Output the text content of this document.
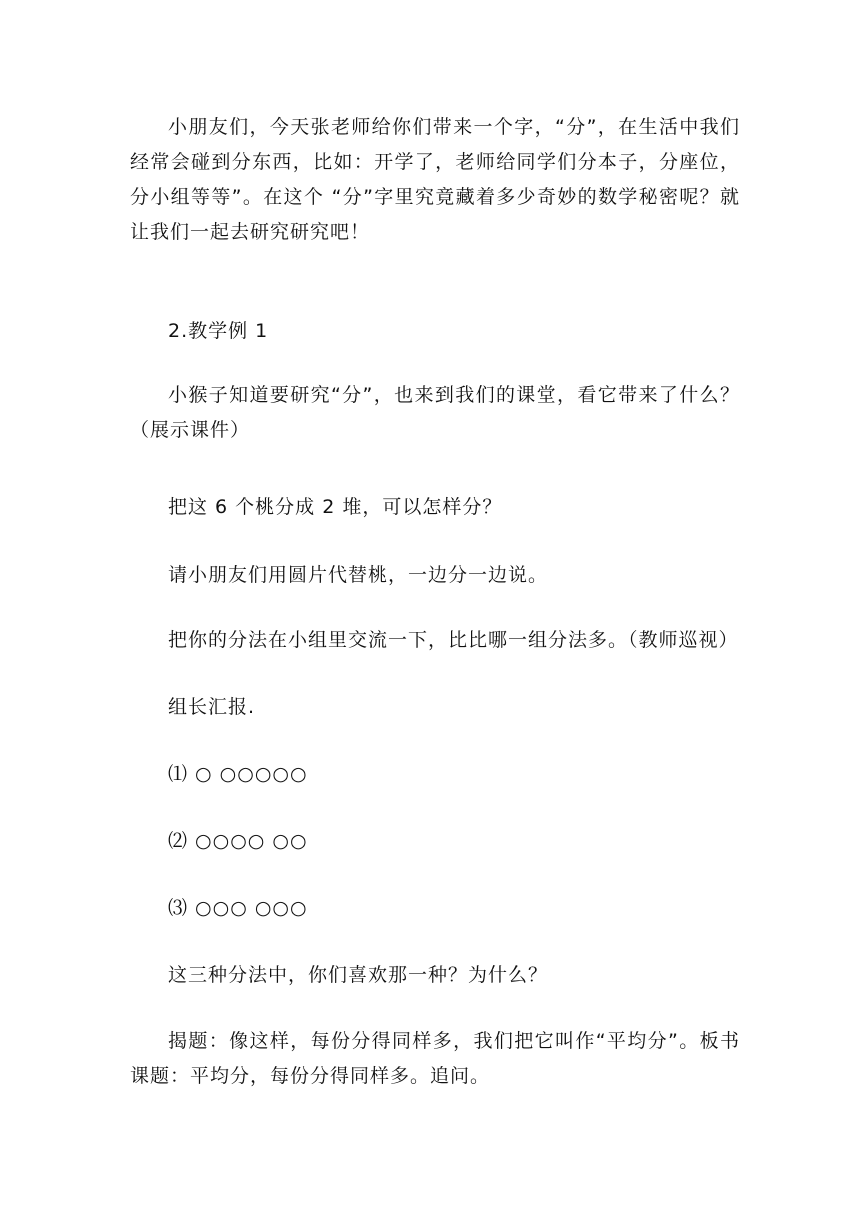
小朋友们，今天张老师给你们带来一个字，“分”，在生活中我们经常会碰到分东西，比如：开学了，老师给同学们分本子，分座位，分小组等等”。在这个 “分”字里究竟藏着多少奇妙的数学秘密呢？就让我们一起去研究研究吧！

2.教学例 1

小猴子知道要研究“分”，也来到我们的课堂，看它带来了什么？（展示课件）

把这 6 个桃分成 2 堆，可以怎样分？

请小朋友们用圆片代替桃，一边分一边说。

把你的分法在小组里交流一下，比比哪一组分法多。（教师巡视）

组长汇报.

⑴ ○ ○○○○○

⑵ ○○○○ ○○

⑶ ○○○ ○○○

这三种分法中，你们喜欢那一种？为什么？

揭题：像这样，每份分得同样多，我们把它叫作“平均分”。板书课题：平均分，每份分得同样多。追问。
